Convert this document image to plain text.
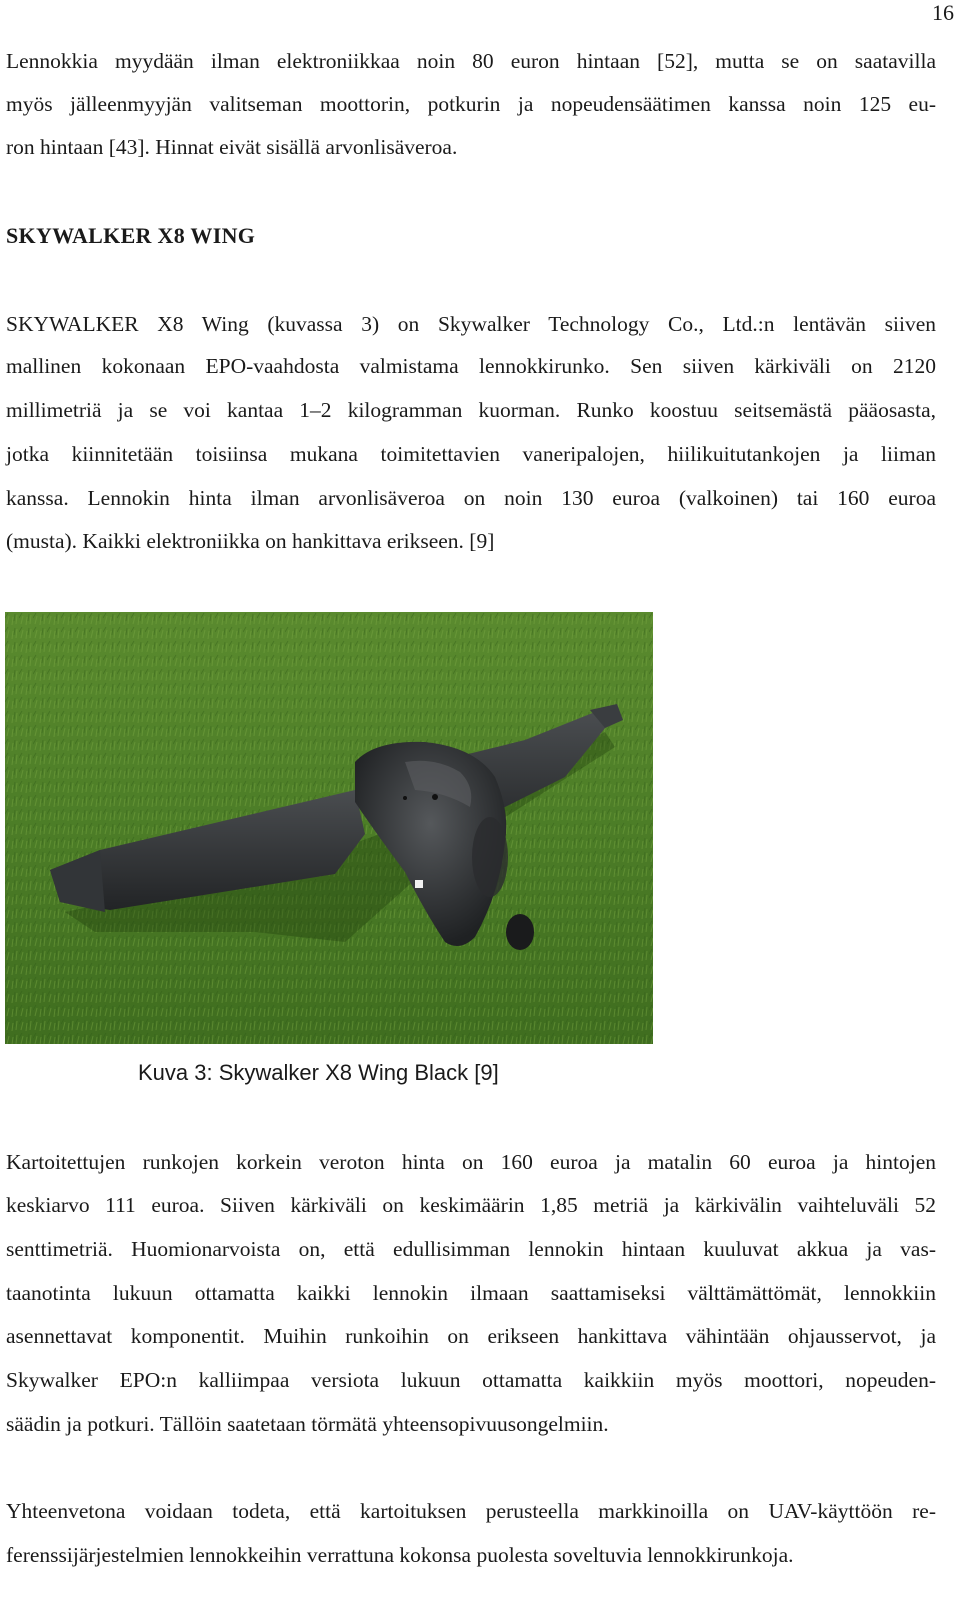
16
Lennokkia myydään ilman elektroniikkaa noin 80 euron hintaan [52], mutta se on saatavilla
myös jälleenmyyjän valitseman moottorin, potkurin ja nopeudensäätimen kanssa noin 125 eu-
ron hintaan [43]. Hinnat eivät sisällä arvonlisäveroa.
SKYWALKER X8 WING
SKYWALKER X8 Wing (kuvassa 3) on Skywalker Technology Co., Ltd.:n lentävän siiven
mallinen kokonaan EPO-vaahdosta valmistama lennokkirunko. Sen siiven kärkiväli on 2120
millimetriä ja se voi kantaa 1–2 kilogramman kuorman. Runko koostuu seitsemästä pääosasta,
jotka kiinnitetään toisiinsa mukana toimitettavien vaneripalojen, hiilikuitutankojen ja liiman
kanssa. Lennokin hinta ilman arvonlisäveroa on noin 130 euroa (valkoinen) tai 160 euroa
(musta). Kaikki elektroniikka on hankittava erikseen. [9]
Kuva 3: Skywalker X8 Wing Black [9]
Kartoitettujen runkojen korkein veroton hinta on 160 euroa ja matalin 60 euroa ja hintojen
keskiarvo 111 euroa. Siiven kärkiväli on keskimäärin 1,85 metriä ja kärkivälin vaihteluväli 52
senttimetriä. Huomionarvoista on, että edullisimman lennokin hintaan kuuluvat akkua ja vas-
taanotinta lukuun ottamatta kaikki lennokin ilmaan saattamiseksi välttämättömät, lennokkiin
asennettavat komponentit. Muihin runkoihin on erikseen hankittava vähintään ohjausservot, ja
Skywalker EPO:n kalliimpaa versiota lukuun ottamatta kaikkiin myös moottori, nopeuden-
säädin ja potkuri. Tällöin saatetaan törmätä yhteensopivuusongelmiin.
Yhteenvetona voidaan todeta, että kartoituksen perusteella markkinoilla on UAV-käyttöön re-
ferenssijärjestelmien lennokkeihin verrattuna kokonsa puolesta soveltuvia lennokkirunkoja.
